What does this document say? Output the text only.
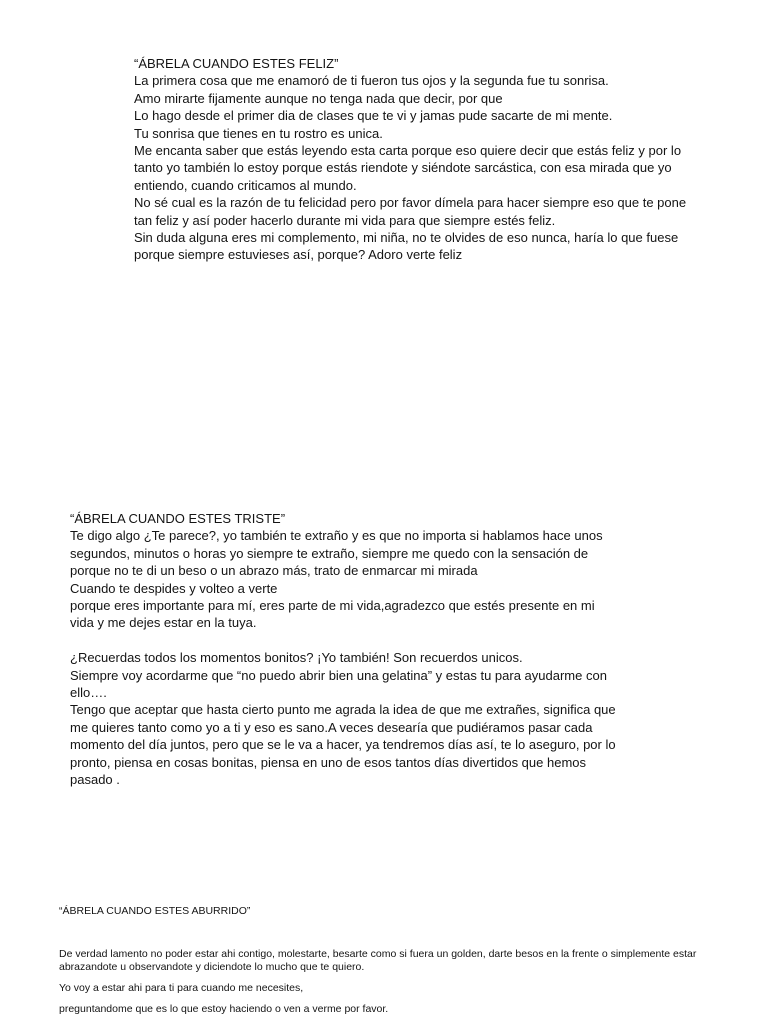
“ÁBRELA CUANDO ESTES FELIZ”
La primera cosa que me enamoró de ti fueron tus ojos y la segunda fue tu sonrisa.
Amo mirarte fijamente aunque no tenga nada que decir, por que
Lo hago desde el primer dia de clases que te vi y jamas pude sacarte de mi mente.
Tu sonrisa que tienes en tu rostro es unica.
Me encanta saber que estás leyendo esta carta porque eso quiere decir que estás feliz y por lo
tanto yo también lo estoy porque estás riendote y siéndote sarcástica, con esa mirada que yo
entiendo, cuando criticamos al mundo.
No sé cual es la razón de tu felicidad pero por favor dímela para hacer siempre eso que te pone
tan feliz y así poder hacerlo durante mi vida para que siempre estés feliz.
Sin duda alguna eres mi complemento, mi niña, no te olvides de eso nunca, haría lo que fuese
porque siempre estuvieses así, porque? Adoro verte feliz
“ÁBRELA CUANDO ESTES TRISTE”
Te digo algo ¿Te parece?, yo también te extraño y es que no importa si hablamos hace unos
segundos, minutos o horas yo siempre te extraño, siempre me quedo con la sensación de
porque no te di un beso o un abrazo más, trato de enmarcar mi mirada
Cuando te despides y volteo a verte
porque eres importante para mí, eres parte de mi vida,agradezco que estés presente en mi
vida y me dejes estar en la tuya.
¿Recuerdas todos los momentos bonitos? ¡Yo también! Son recuerdos unicos.
Siempre voy acordarme que “no puedo abrir bien una gelatina” y estas tu para ayudarme con
ello….
Tengo que aceptar que hasta cierto punto me agrada la idea de que me extrañes, significa que
me quieres tanto como yo a ti y eso es sano.A veces desearía que pudiéramos pasar cada
momento del día juntos, pero que se le va a hacer, ya tendremos días así, te lo aseguro, por lo
pronto, piensa en cosas bonitas, piensa en uno de esos tantos días divertidos que hemos
pasado .
“ÁBRELA CUANDO ESTES ABURRIDO”
De verdad lamento no poder estar ahi contigo, molestarte, besarte como si fuera un golden, darte besos en la frente o simplemente estar abrazandote u observandote y diciendote lo mucho que te quiero.
Yo voy a estar ahi para ti para cuando me necesites,
preguntandome que es lo que estoy haciendo o ven a verme por favor.
